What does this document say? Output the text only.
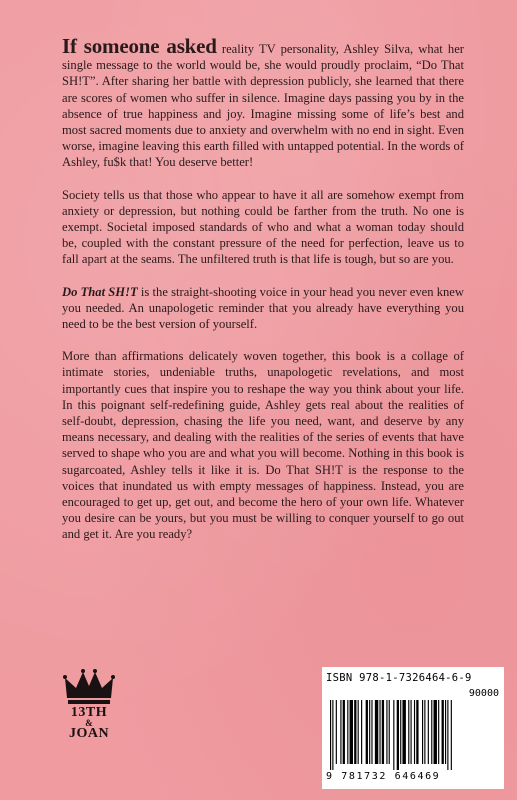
If someone asked reality TV personality, Ashley Silva, what her single message to the world would be, she would proudly proclaim, “Do That SH!T”. After sharing her battle with depression publicly, she learned that there are scores of women who suffer in silence. Imagine days passing you by in the absence of true happiness and joy. Imagine missing some of life’s best and most sacred moments due to anxiety and overwhelm with no end in sight. Even worse, imagine leaving this earth filled with untapped potential. In the words of Ashley, fu$k that! You deserve better!

Society tells us that those who appear to have it all are somehow exempt from anxiety or depression, but nothing could be farther from the truth. No one is exempt. Societal imposed standards of who and what a woman today should be, coupled with the constant pressure of the need for perfection, leave us to fall apart at the seams. The unfiltered truth is that life is tough, but so are you.

Do That SH!T is the straight-shooting voice in your head you never even knew you needed. An unapologetic reminder that you already have everything you need to be the best version of yourself.

More than affirmations delicately woven together, this book is a collage of intimate stories, undeniable truths, unapologetic revelations, and most importantly cues that inspire you to reshape the way you think about your life. In this poignant self-redefining guide, Ashley gets real about the realities of self-doubt, depression, chasing the life you need, want, and deserve by any means necessary, and dealing with the realities of the series of events that have served to shape who you are and what you will become. Nothing in this book is sugarcoated, Ashley tells it like it is. Do That SH!T is the response to the voices that inundated us with empty messages of happiness. Instead, you are encouraged to get up, get out, and become the hero of your own life. Whatever you desire can be yours, but you must be willing to conquer yourself to go out and get it. Are you ready?

13TH
&
JOAN
ISBN 978-1-7326464-6-9
90000
9 781732 646469
